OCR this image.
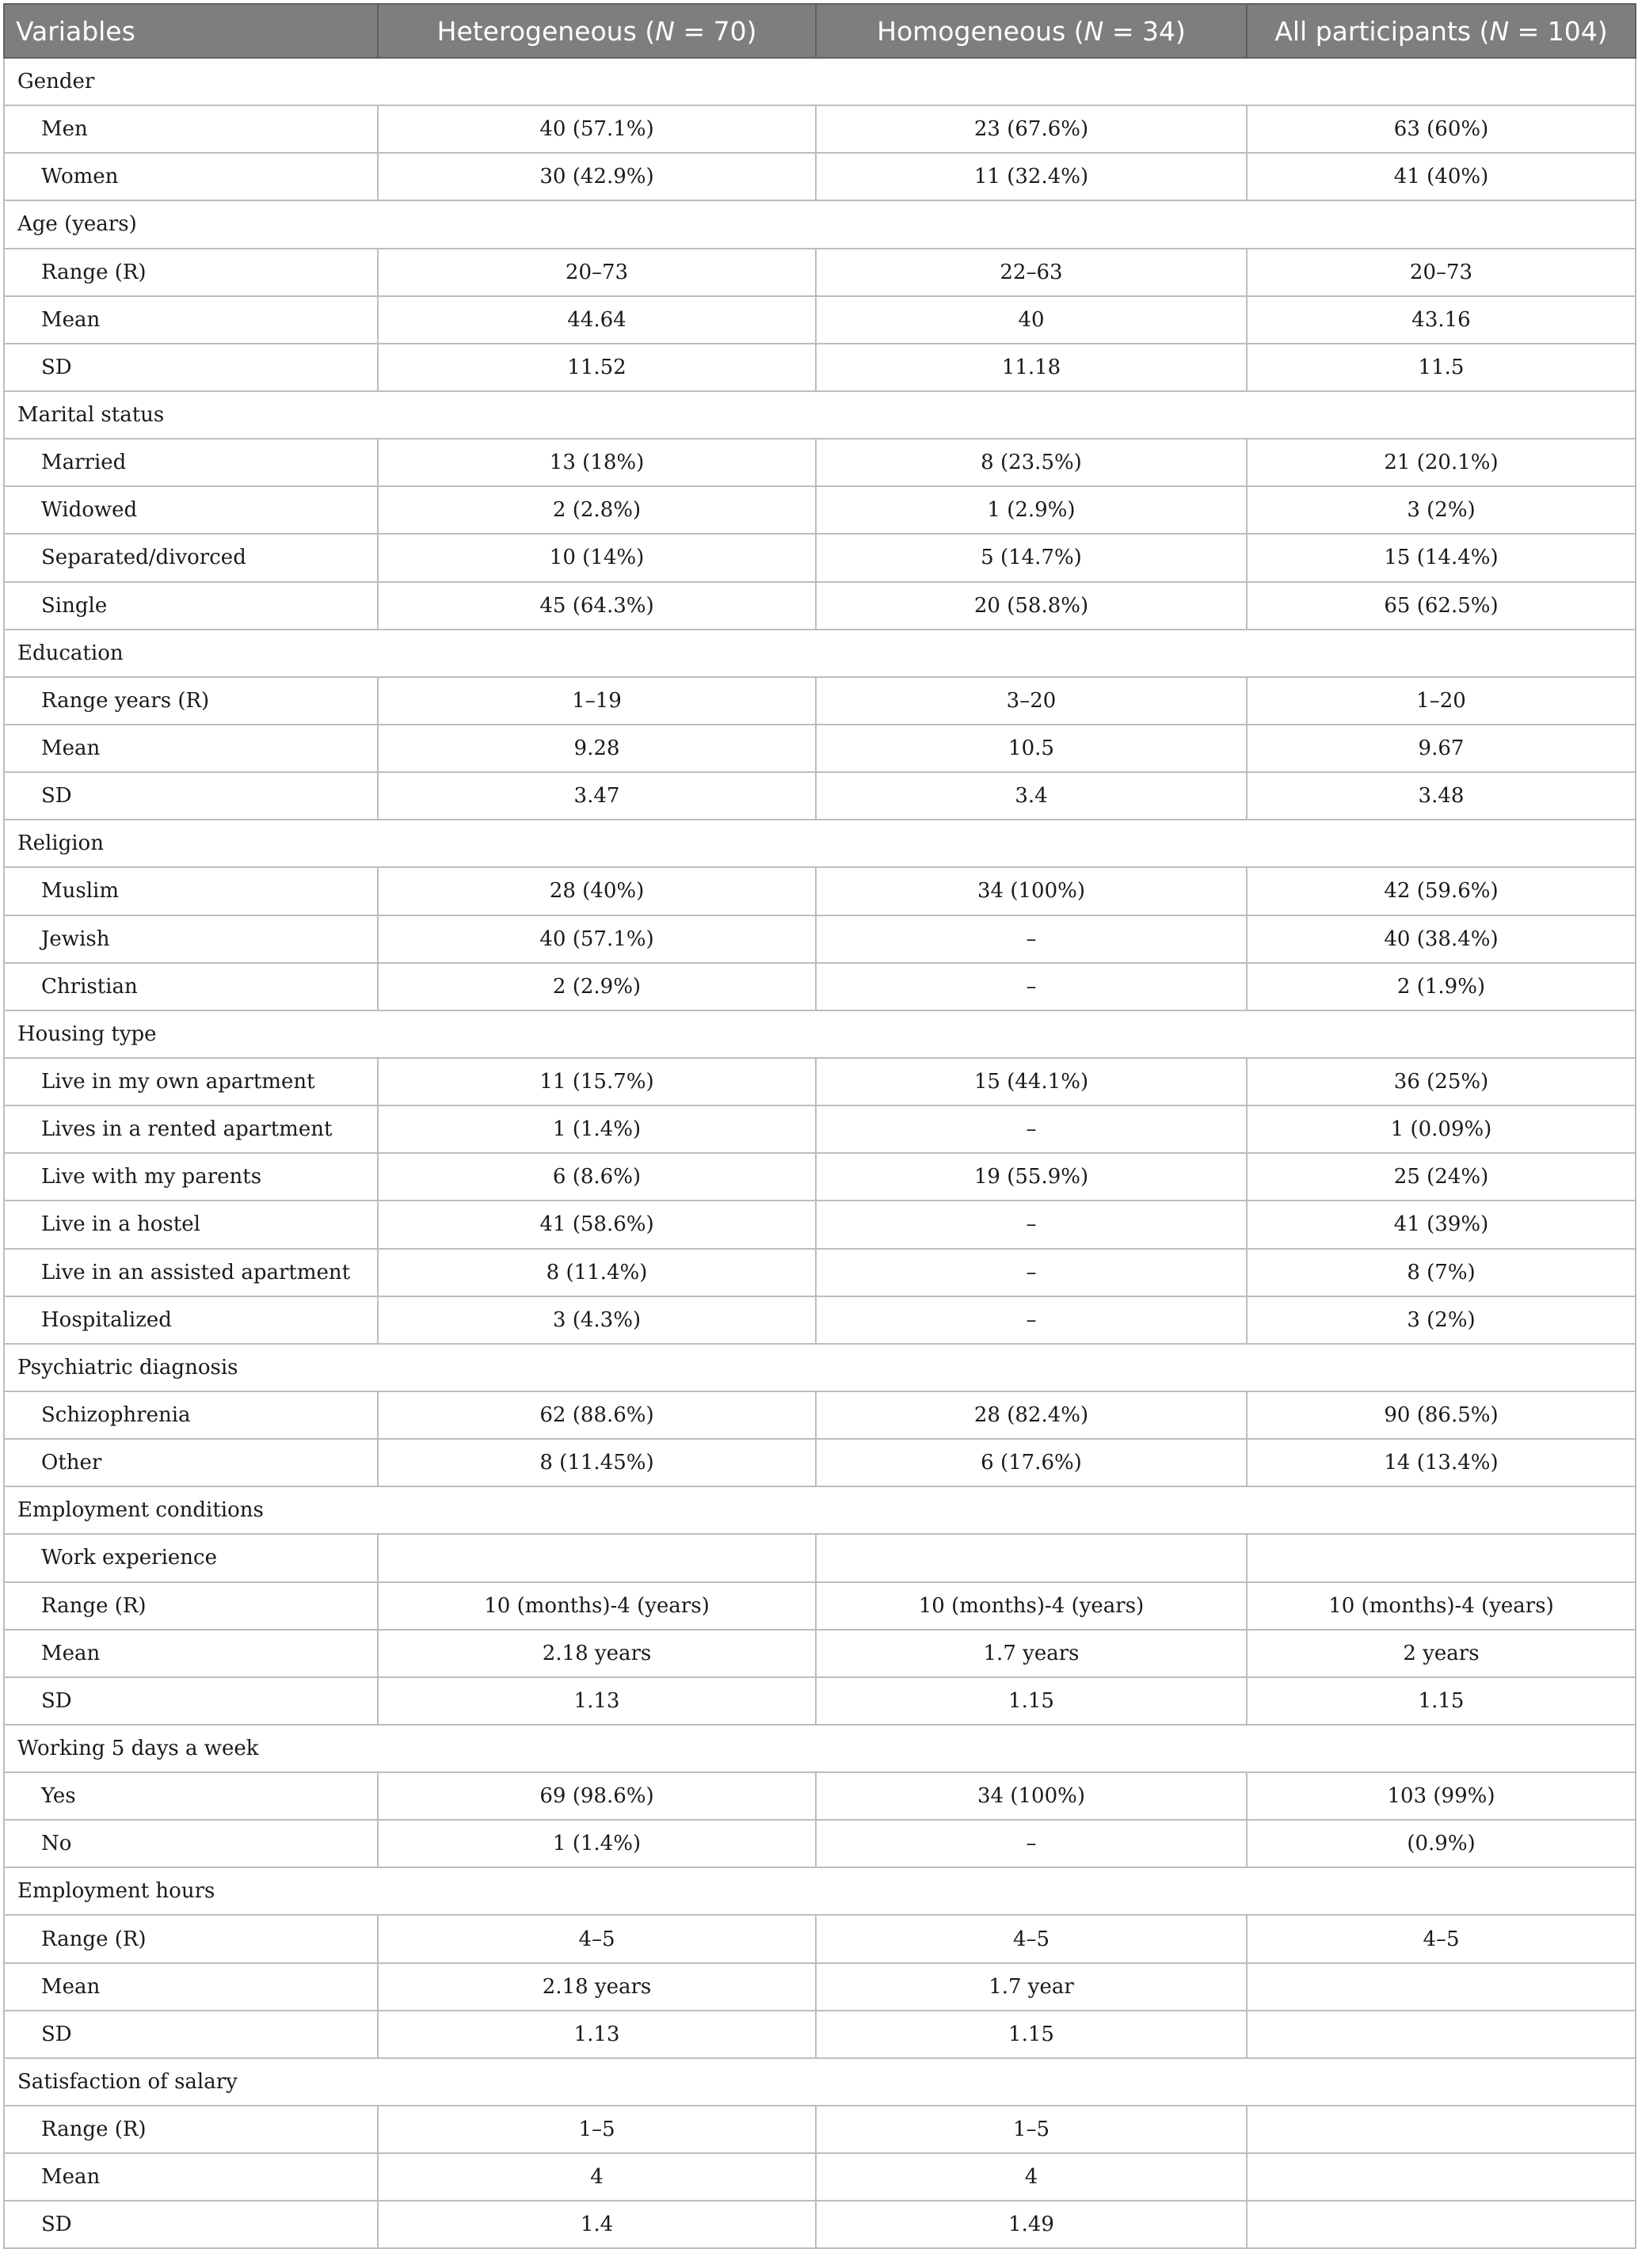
Variables	Heterogeneous (N = 70)	Homogeneous (N = 34)	All participants (N = 104)
Gender			
Men	40 (57.1%)	23 (67.6%)	63 (60%)
Women	30 (42.9%)	11 (32.4%)	41 (40%)
Age (years)			
Range (R)	20–73	22–63	20–73
Mean	44.64	40	43.16
SD	11.52	11.18	11.5
Marital status			
Married	13 (18%)	8 (23.5%)	21 (20.1%)
Widowed	2 (2.8%)	1 (2.9%)	3 (2%)
Separated/divorced	10 (14%)	5 (14.7%)	15 (14.4%)
Single	45 (64.3%)	20 (58.8%)	65 (62.5%)
Education			
Range years (R)	1–19	3–20	1–20
Mean	9.28	10.5	9.67
SD	3.47	3.4	3.48
Religion			
Muslim	28 (40%)	34 (100%)	42 (59.6%)
Jewish	40 (57.1%)	–	40 (38.4%)
Christian	2 (2.9%)	–	2 (1.9%)
Housing type			
Live in my own apartment	11 (15.7%)	15 (44.1%)	36 (25%)
Lives in a rented apartment	1 (1.4%)	–	1 (0.09%)
Live with my parents	6 (8.6%)	19 (55.9%)	25 (24%)
Live in a hostel	41 (58.6%)	–	41 (39%)
Live in an assisted apartment	8 (11.4%)	–	8 (7%)
Hospitalized	3 (4.3%)	–	3 (2%)
Psychiatric diagnosis			
Schizophrenia	62 (88.6%)	28 (82.4%)	90 (86.5%)
Other	8 (11.45%)	6 (17.6%)	14 (13.4%)
Employment conditions			
Work experience			
Range (R)	10 (months)-4 (years)	10 (months)-4 (years)	10 (months)-4 (years)
Mean	2.18 years	1.7 years	2 years
SD	1.13	1.15	1.15
Working 5 days a week			
Yes	69 (98.6%)	34 (100%)	103 (99%)
No	1 (1.4%)	–	(0.9%)
Employment hours			
Range (R)	4–5	4–5	4–5
Mean	2.18 years	1.7 year	
SD	1.13	1.15	
Satisfaction of salary			
Range (R)	1–5	1–5	
Mean	4	4	
SD	1.4	1.49	
